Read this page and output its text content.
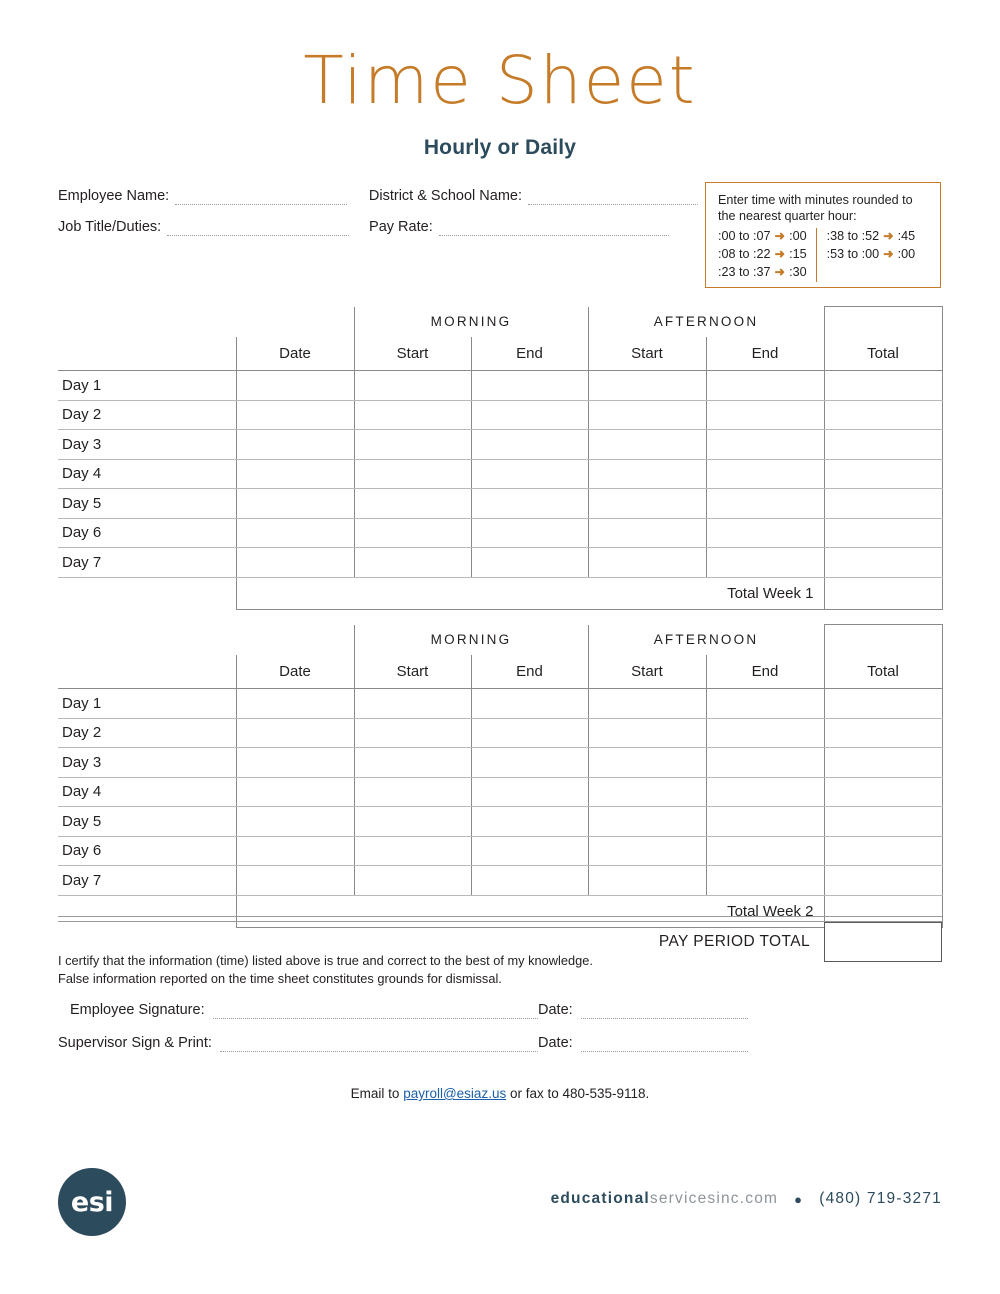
Time Sheet
Hourly or Daily
Employee Name:	District & School Name:
Job Title/Duties:	Pay Rate:
Enter time with minutes rounded to the nearest quarter hour:
:00 to :07 ➜ :00
:08 to :22 ➜ :15
:23 to :37 ➜ :30
:38 to :52 ➜ :45
:53 to :00 ➜ :00
		MORNING		AFTERNOON		
	Date	Start	End	Start	End	Total
Day 1						
Day 2						
Day 3						
Day 4						
Day 5						
Day 6						
Day 7						
	Total Week 1					
		MORNING		AFTERNOON		
	Date	Start	End	Start	End	Total
Day 1						
Day 2						
Day 3						
Day 4						
Day 5						
Day 6						
Day 7						
	Total Week 2					
PAY PERIOD TOTAL
I certify that the information (time) listed above is true and correct to the best of my knowledge.
False information reported on the time sheet constitutes grounds for dismissal.
Employee Signature:	Date:
Supervisor Sign & Print:	Date:
Email to payroll@esiaz.us or fax to 480-535-9118.
esi	educationalservicesinc.com	●	(480) 719-3271
